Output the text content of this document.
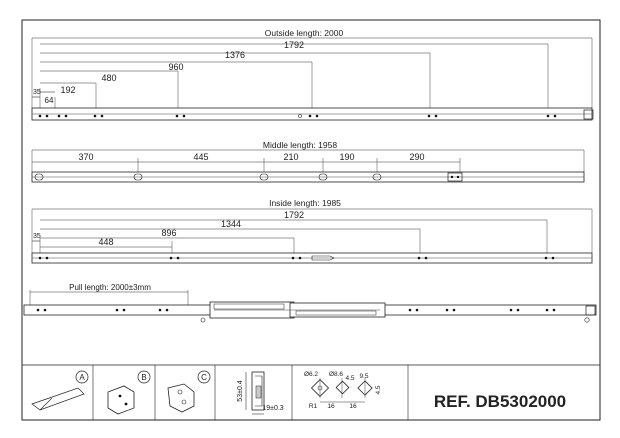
Outside length: 2000
1792
1376
960
480
192
64
35
Middle length: 1958
370	445	210	190	290
Inside length: 1985
1792
1344
896
448
35
Pull length: 2000±3mm
A	B	C
53±0.4
19±0.3
Ø6.2 Ø8.6
R1 16 16
4.5 9.5
4.5
REF. DB5302000
